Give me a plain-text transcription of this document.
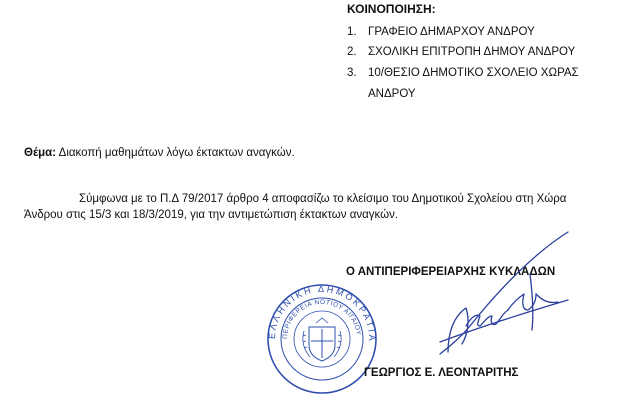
ΚΟΙΝΟΠΟΙΗΣΗ:
1. ΓΡΑΦΕΙΟ ΔΗΜΑΡΧΟΥ ΑΝΔΡΟΥ
2. ΣΧΟΛΙΚΗ ΕΠΙΤΡΟΠΗ ΔΗΜΟΥ ΑΝΔΡΟΥ
3. 10/ΘΕΣΙΟ ΔΗΜΟΤΙΚΟ ΣΧΟΛΕΙΟ ΧΩΡΑΣ
ΑΝΔΡΟΥ
Θέμα: Διακοπή μαθημάτων λόγω έκτακτων αναγκών.
Σύμφωνα με το Π.Δ 79/2017 άρθρο 4 αποφασίζω το κλείσιμο του Δημοτικού Σχολείου στη Χώρα
Άνδρου στις 15/3 και 18/3/2019, για την αντιμετώπιση έκτακτων αναγκών.
Ο ΑΝΤΙΠΕΡΙΦΕΡΕΙΑΡΧΗΣ ΚΥΚΛΑΔΩΝ
ΕΛΛΗΝΙΚΗ ΔΗΜΟΚΡΑΤΙΑ
ΠΕΡΙΦΕΡΕΙΑ ΝΟΤΙΟΥ ΑΙΓΑΙΟΥ
ΓΕΩΡΓΙΟΣ Ε. ΛΕΟΝΤΑΡΙΤΗΣ
